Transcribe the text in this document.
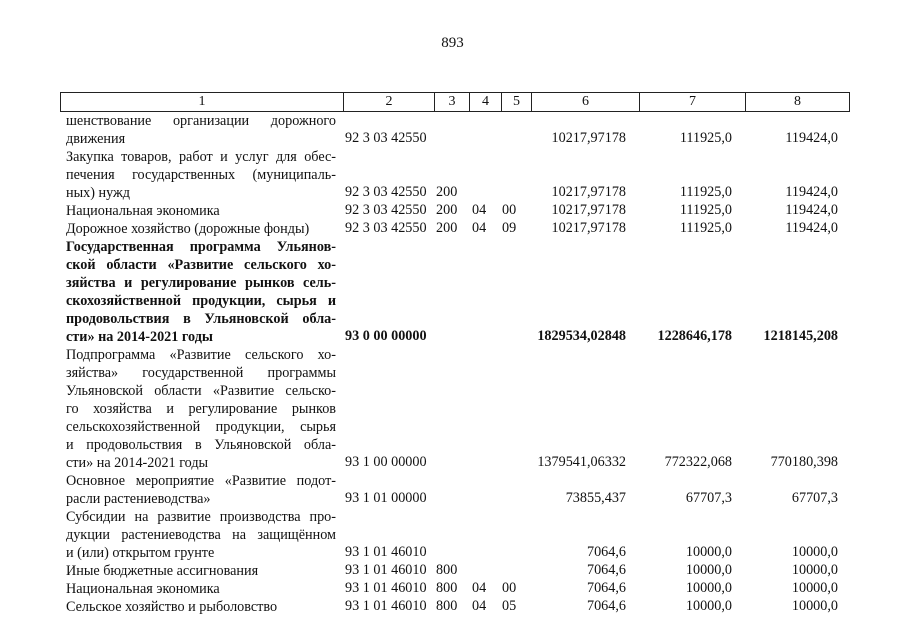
893
1	2	3	4	5	6	7	8
шенствование организации дорожного
движения	92 3 03 42550	10217,97178	111925,0	119424,0
Закупка товаров, работ и услуг для обес-
печения государственных (муниципаль-
ных) нужд	92 3 03 42550 200	10217,97178	111925,0	119424,0
Национальная экономика	92 3 03 42550 200 04 00 10217,97178	111925,0	119424,0
Дорожное хозяйство (дорожные фонды)	92 3 03 42550 200 04 09 10217,97178	111925,0	119424,0
Государственная программа Ульянов-
ской области «Развитие сельского хо-
зяйства и регулирование рынков сель-
скохозяйственной продукции, сырья и
продовольствия в Ульяновской обла-
сти» на 2014-2021 годы	93 0 00 00000	1829534,02848 1228646,178 1218145,208
Подпрограмма «Развитие сельского хо-
зяйства» государственной программы
Ульяновской области «Развитие сельско-
го хозяйства и регулирование рынков
сельскохозяйственной продукции, сырья
и продовольствия в Ульяновской обла-
сти» на 2014-2021 годы	93 1 00 00000	1379541,06332	772322,068	770180,398
Основное мероприятие «Развитие подот-
расли растениеводства»	93 1 01 00000	73855,437	67707,3	67707,3
Субсидии на развитие производства про-
дукции растениеводства на защищённом
и (или) открытом грунте	93 1 01 46010	7064,6	10000,0	10000,0
Иные бюджетные ассигнования	93 1 01 46010 800	7064,6	10000,0	10000,0
Национальная экономика	93 1 01 46010 800 04 00	7064,6	10000,0	10000,0
Сельское хозяйство и рыболовство	93 1 01 46010 800 04 05	7064,6	10000,0	10000,0
